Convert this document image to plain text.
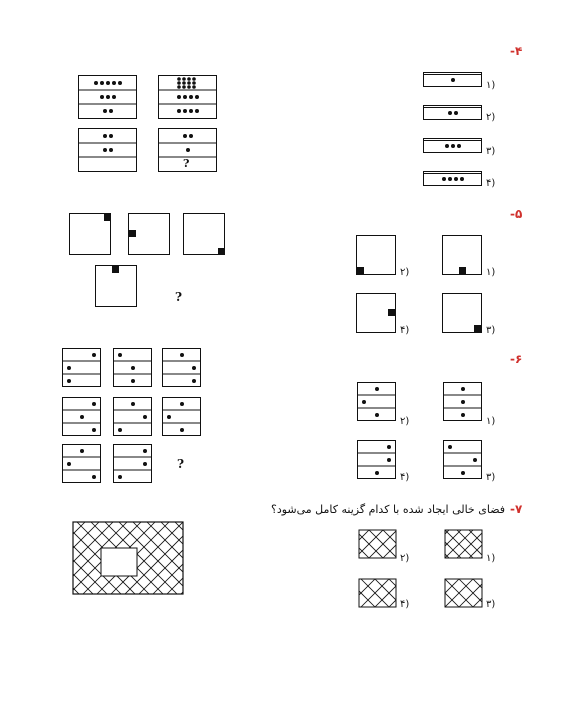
-۴
-۵
-۶
-۷
فضای خالی ایجاد شده با کدام گزینه کامل می‌شود؟
?
۱)
۲)
۳)
۴)
?
۱)
۲)
۳)
۴)
?
۱)
۲)
۳)
۴)
۱)
۲)
۳)
۴)
